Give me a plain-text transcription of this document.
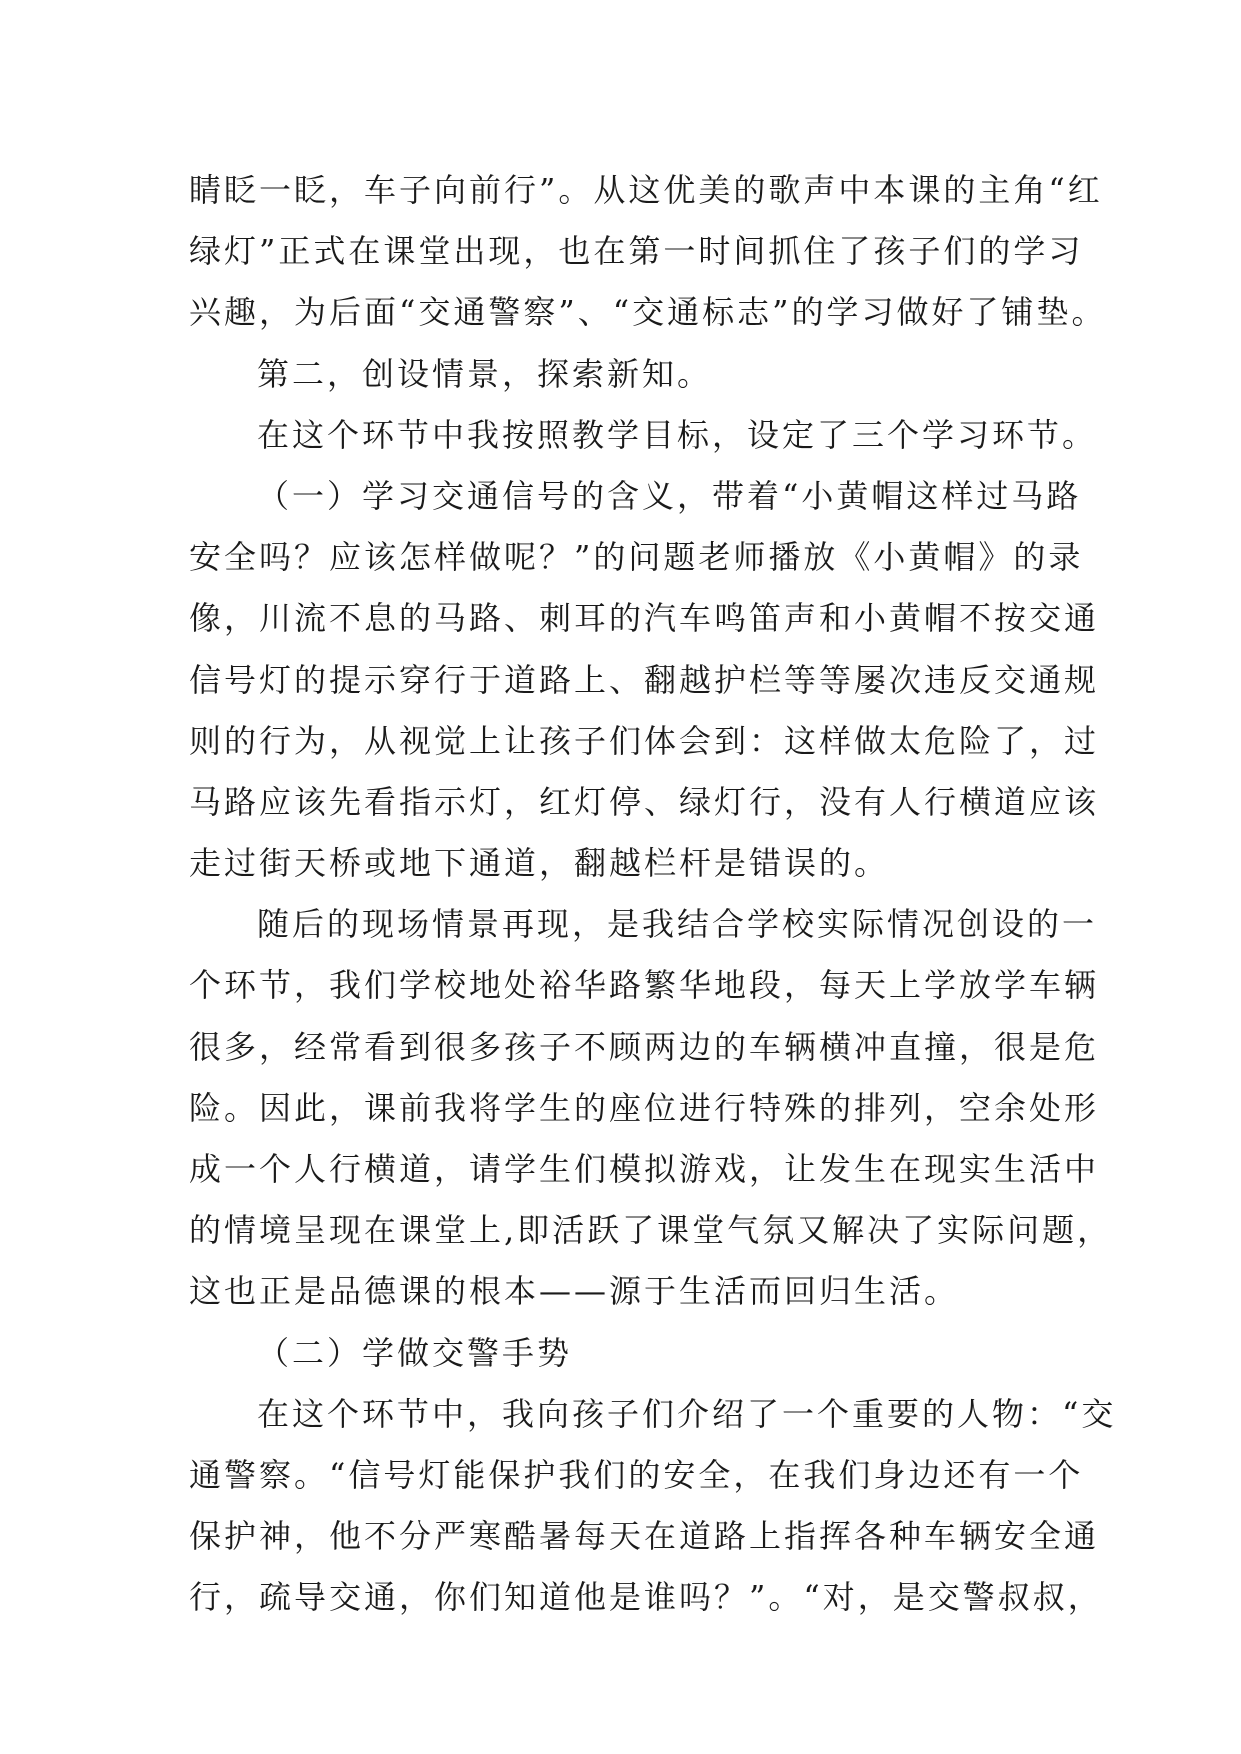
睛眨一眨，车子向前行”。从这优美的歌声中本课的主角“红
绿灯”正式在课堂出现，也在第一时间抓住了孩子们的学习
兴趣，为后面“交通警察”、“交通标志”的学习做好了铺垫。
第二，创设情景，探索新知。
在这个环节中我按照教学目标，设定了三个学习环节。
（一）学习交通信号的含义，带着“小黄帽这样过马路
安全吗？应该怎样做呢？”的问题老师播放《小黄帽》的录
像，川流不息的马路、刺耳的汽车鸣笛声和小黄帽不按交通
信号灯的提示穿行于道路上、翻越护栏等等屡次违反交通规
则的行为，从视觉上让孩子们体会到：这样做太危险了，过
马路应该先看指示灯，红灯停、绿灯行，没有人行横道应该
走过街天桥或地下通道，翻越栏杆是错误的。
随后的现场情景再现，是我结合学校实际情况创设的一
个环节，我们学校地处裕华路繁华地段，每天上学放学车辆
很多，经常看到很多孩子不顾两边的车辆横冲直撞，很是危
险。因此，课前我将学生的座位进行特殊的排列，空余处形
成一个人行横道，请学生们模拟游戏，让发生在现实生活中
的情境呈现在课堂上,即活跃了课堂气氛又解决了实际问题，
这也正是品德课的根本——源于生活而回归生活。
（二）学做交警手势
在这个环节中，我向孩子们介绍了一个重要的人物：“交
通警察。“信号灯能保护我们的安全，在我们身边还有一个
保护神，他不分严寒酷暑每天在道路上指挥各种车辆安全通
行，疏导交通，你们知道他是谁吗？”。“对，是交警叔叔，
